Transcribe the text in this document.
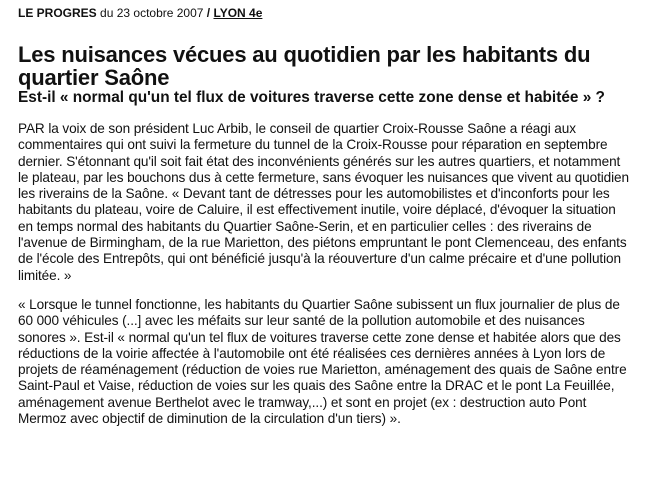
LE PROGRES du 23 octobre 2007 / LYON 4e
Les nuisances vécues au quotidien par les habitants du quartier Saône
Est-il « normal qu'un tel flux de voitures traverse cette zone dense et habitée » ?

PAR la voix de son président Luc Arbib, le conseil de quartier Croix-Rousse Saône a réagi aux commentaires qui ont suivi la fermeture du tunnel de la Croix-Rousse pour réparation en septembre dernier. S'étonnant qu'il soit fait état des inconvénients générés sur les autres quartiers, et notamment le plateau, par les bouchons dus à cette fermeture, sans évoquer les nuisances que vivent au quotidien les riverains de la Saône. « Devant tant de détresses pour les automobilistes et d'inconforts pour les habitants du plateau, voire de Caluire, il est effectivement inutile, voire déplacé, d'évoquer la situation en temps normal des habitants du Quartier Saône-Serin, et en particulier celles : des riverains de l'avenue de Birmingham, de la rue Marietton, des piétons empruntant le pont Clemenceau, des enfants de l'école des Entrepôts, qui ont bénéficié jusqu'à la réouverture d'un calme précaire et d'une pollution limitée. »

« Lorsque le tunnel fonctionne, les habitants du Quartier Saône subissent un flux journalier de plus de 60 000 véhicules (...] avec les méfaits sur leur santé de la pollution automobile et des nuisances sonores ». Est-il « normal qu'un tel flux de voitures traverse cette zone dense et habitée alors que des réductions de la voirie affectée à l'automobile ont été réalisées ces dernières années à Lyon lors de projets de réaménagement (réduction de voies rue Marietton, aménagement des quais de Saône entre Saint-Paul et Vaise, réduction de voies sur les quais des Saône entre la DRAC et le pont La Feuillée, aménagement avenue Berthelot avec le tramway,...) et sont en projet (ex : destruction auto Pont Mermoz avec objectif de diminution de la circulation d'un tiers) ».
